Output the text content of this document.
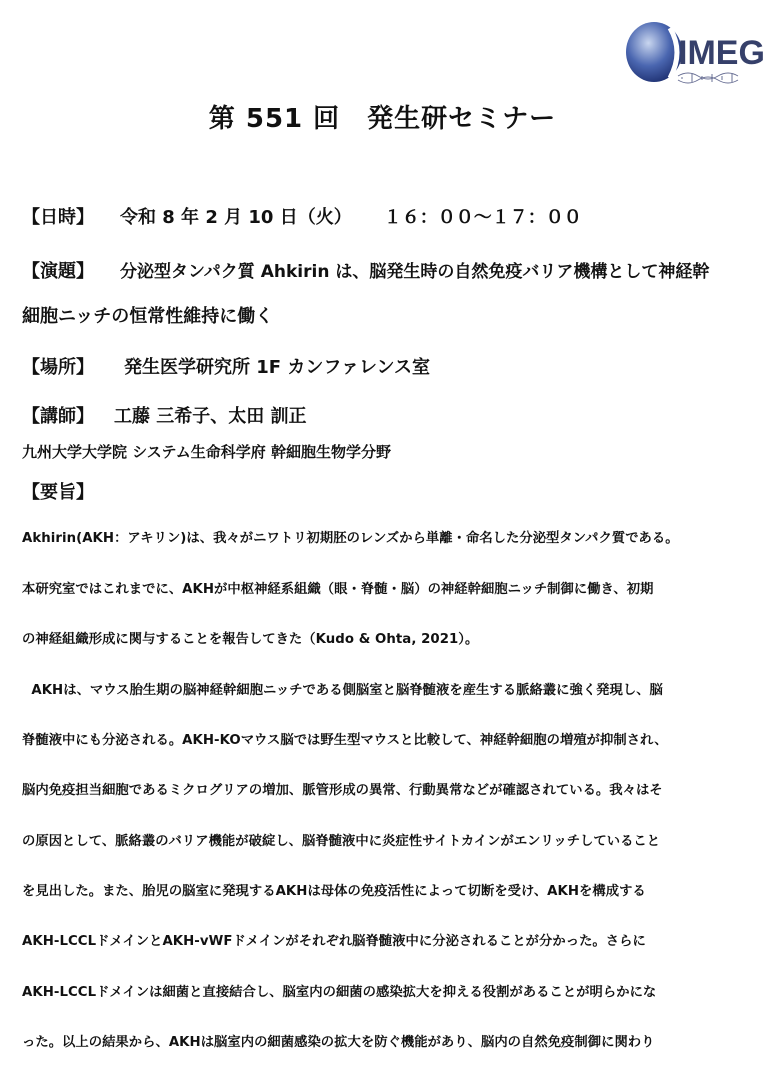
IMEG
第 551 回　発生研セミナー
【日時】 令和 8 年 2 月 10 日（火） １６：００～１７：００
【演題】 分泌型タンパク質 Ahkirin は、脳発生時の自然免疫バリア機構として神経幹
細胞ニッチの恒常性維持に働く
【場所】 発生医学研究所 1F カンファレンス室
【講師】 工藤 三希子、太田 訓正
九州大学大学院 システム生命科学府 幹細胞生物学分野
【要旨】
Akhirin(AKH：アキリン)は、我々がニワトリ初期胚のレンズから単離・命名した分泌型タンパク質である。
本研究室ではこれまでに、AKHが中枢神経系組織（眼・脊髄・脳）の神経幹細胞ニッチ制御に働き、初期
の神経組織形成に関与することを報告してきた（Kudo & Ohta, 2021）。
AKHは、マウス胎生期の脳神経幹細胞ニッチである側脳室と脳脊髄液を産生する脈絡叢に強く発現し、脳
脊髄液中にも分泌される。AKH-KOマウス脳では野生型マウスと比較して、神経幹細胞の増殖が抑制され、
脳内免疫担当細胞であるミクログリアの増加、脈管形成の異常、行動異常などが確認されている。我々はそ
の原因として、脈絡叢のバリア機能が破綻し、脳脊髄液中に炎症性サイトカインがエンリッチしていること
を見出した。また、胎児の脳室に発現するAKHは母体の免疫活性によって切断を受け、AKHを構成する
AKH-LCCLドメインとAKH-vWFドメインがそれぞれ脳脊髄液中に分泌されることが分かった。さらに
AKH-LCCLドメインは細菌と直接結合し、脳室内の細菌の感染拡大を抑える役割があることが明らかにな
った。以上の結果から、AKHは脳室内の細菌感染の拡大を防ぐ機能があり、脳内の自然免疫制御に関わり
